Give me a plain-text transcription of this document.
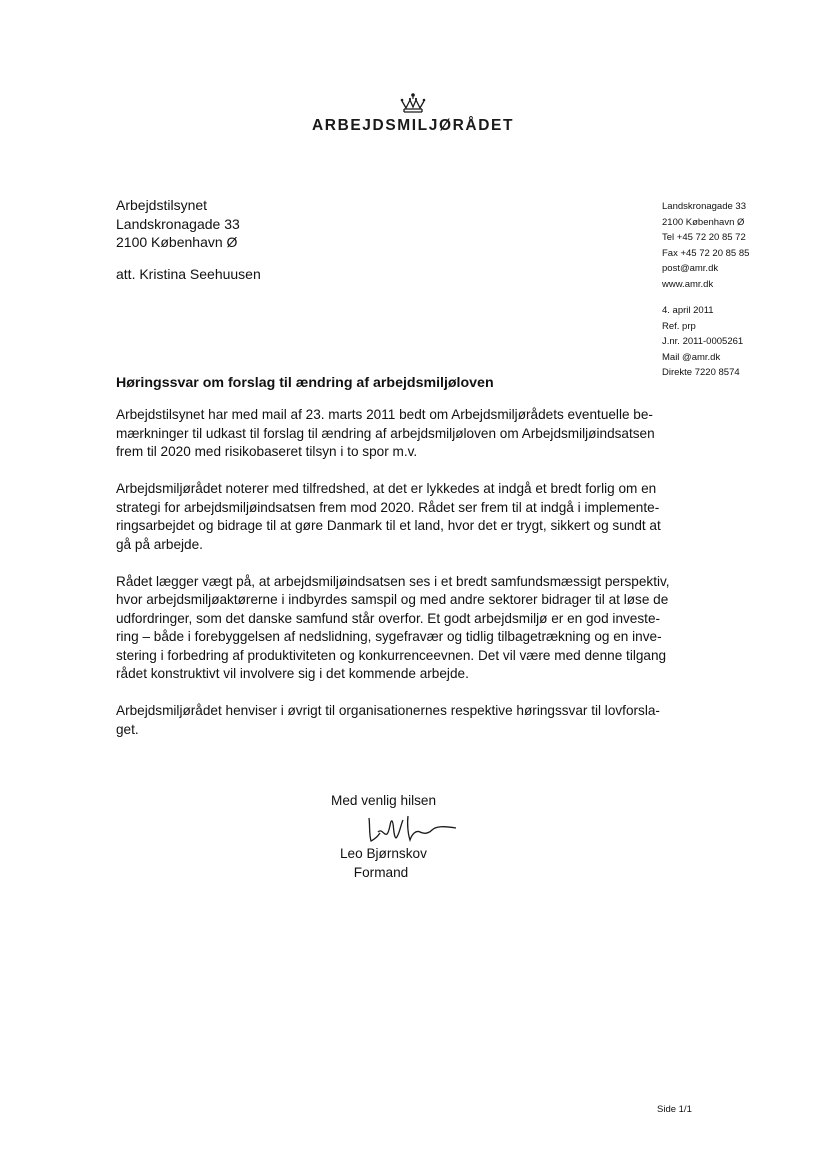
ARBEJDSMILJØRÅDET
Arbejdstilsynet
Landskronagade 33
2100 København Ø
att. Kristina Seehuusen
Landskronagade 33
2100 København Ø
Tel +45 72 20 85 72
Fax +45 72 20 85 85
post@amr.dk
www.amr.dk
4. april 2011
Ref. prp
J.nr. 2011-0005261
Mail @amr.dk
Direkte 7220 8574
Høringssvar om forslag til ændring af arbejdsmiljøloven

Arbejdstilsynet har med mail af 23. marts 2011 bedt om Arbejdsmiljørådets eventuelle be-
mærkninger til udkast til forslag til ændring af arbejdsmiljøloven om Arbejdsmiljøindsatsen
frem til 2020 med risikobaseret tilsyn i to spor m.v.

Arbejdsmiljørådet noterer med tilfredshed, at det er lykkedes at indgå et bredt forlig om en
strategi for arbejdsmiljøindsatsen frem mod 2020. Rådet ser frem til at indgå i implemente-
ringsarbejdet og bidrage til at gøre Danmark til et land, hvor det er trygt, sikkert og sundt at
gå på arbejde.

Rådet lægger vægt på, at arbejdsmiljøindsatsen ses i et bredt samfundsmæssigt perspektiv,
hvor arbejdsmiljøaktørerne i indbyrdes samspil og med andre sektorer bidrager til at løse de
udfordringer, som det danske samfund står overfor. Et godt arbejdsmiljø er en god investe-
ring – både i forebyggelsen af nedslidning, sygefravær og tidlig tilbagetrækning og en inve-
stering i forbedring af produktiviteten og konkurrenceevnen. Det vil være med denne tilgang
rådet konstruktivt vil involvere sig i det kommende arbejde.

Arbejdsmiljørådet henviser i øvrigt til organisationernes respektive høringssvar til lovforsla-
get.

Med venlig hilsen
Leo Bjørnskov
Formand
Side 1/1
